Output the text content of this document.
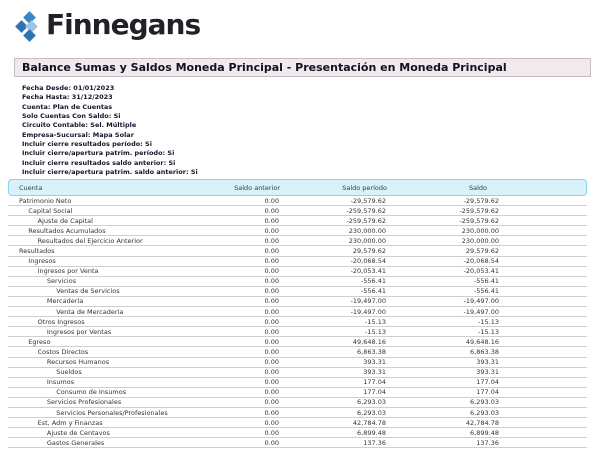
Finnegans
Balance Sumas y Saldos Moneda Principal - Presentación en Moneda Principal
Fecha Desde: 01/01/2023
Fecha Hasta: 31/12/2023
Cuenta: Plan de Cuentas
Solo Cuentas Con Saldo: Si
Circuito Contable: Sel. Múltiple
Empresa-Sucursal: Mapa Solar
Incluir cierre resultados período: Si
Incluir cierre/apertura patrim. período: Si
Incluir cierre resultados saldo anterior: Si
Incluir cierre/apertura patrim. saldo anterior: Si
Cuenta	Saldo anterior	Saldo período	Saldo
Patrimonio Neto	0.00	-29,579.62	-29,579.62
Capital Social	0.00	-259,579.62	-259,579.62
Ajuste de Capital	0.00	-259,579.62	-259,579.62
Resultados Acumulados	0.00	230,000.00	230,000.00
Resultados del Ejercicio Anterior	0.00	230,000.00	230,000.00
Resultados	0.00	29,579.62	29,579.62
Ingresos	0.00	-20,068.54	-20,068.54
Ingresos por Venta	0.00	-20,053.41	-20,053.41
Servicios	0.00	-556.41	-556.41
Ventas de Servicios	0.00	-556.41	-556.41
Mercadería	0.00	-19,497.00	-19,497.00
Venta de Mercadería	0.00	-19,497.00	-19,497.00
Otros Ingresos	0.00	-15.13	-15.13
Ingresos por Ventas	0.00	-15.13	-15.13
Egreso	0.00	49,648.16	49,648.16
Costos Directos	0.00	6,863.38	6,863.38
Recursos Humanos	0.00	393.31	393.31
Sueldos	0.00	393.31	393.31
Insumos	0.00	177.04	177.04
Consumo de Insumos	0.00	177.04	177.04
Servicios Profesionales	0.00	6,293.03	6,293.03
Servicios Personales/Profesionales	0.00	6,293.03	6,293.03
Est, Adm y Finanzas	0.00	42,784.78	42,784.78
Ajuste de Centavos	0.00	6,899.48	6,899.48
Gastos Generales	0.00	137.36	137.36
